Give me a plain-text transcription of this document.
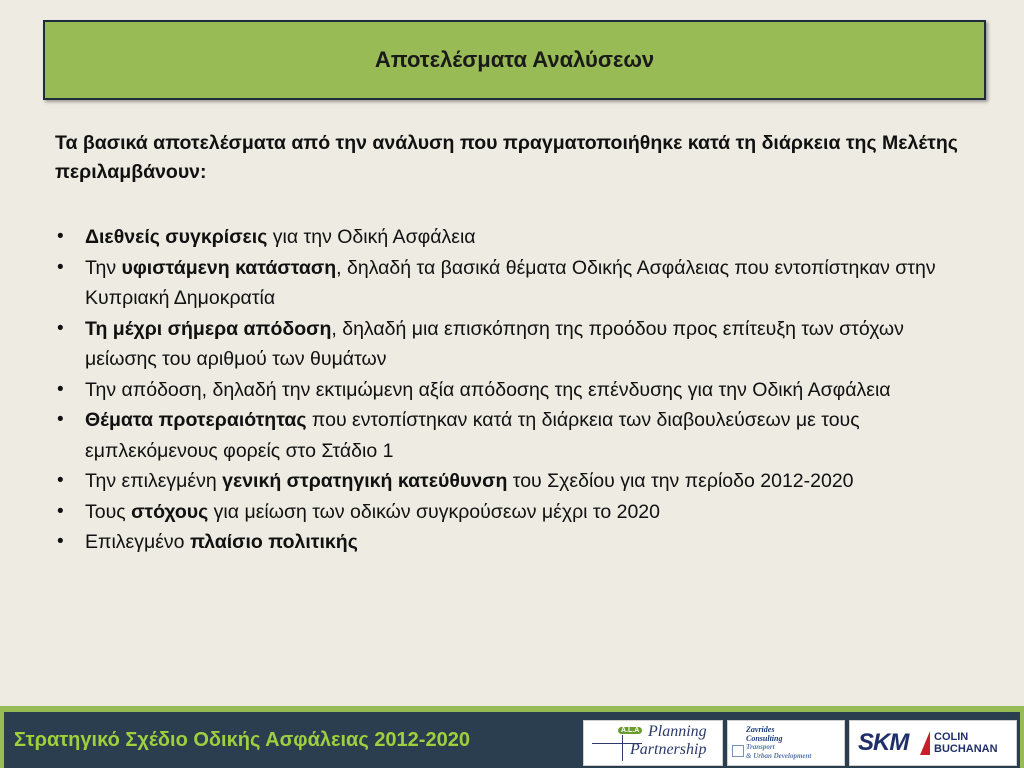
Αποτελέσματα Αναλύσεων
Τα βασικά αποτελέσματα από την ανάλυση που πραγματοποιήθηκε κατά τη διάρκεια της Μελέτης περιλαμβάνουν:
• Διεθνείς συγκρίσεις για την Οδική Ασφάλεια
• Την υφιστάμενη κατάσταση, δηλαδή τα βασικά θέματα Οδικής Ασφάλειας που εντοπίστηκαν στην Κυπριακή Δημοκρατία
• Τη μέχρι σήμερα απόδοση, δηλαδή μια επισκόπηση της προόδου προς επίτευξη των στόχων μείωσης του αριθμού των θυμάτων
• Την απόδοση, δηλαδή την εκτιμώμενη αξία απόδοσης της επένδυσης για την Οδική Ασφάλεια
• Θέματα προτεραιότητας που εντοπίστηκαν κατά τη διάρκεια των διαβουλεύσεων με τους εμπλεκόμενους φορείς στο Στάδιο 1
• Την επιλεγμένη γενική στρατηγική κατεύθυνση του Σχεδίου για την περίοδο 2012-2020
• Τους στόχους για μείωση των οδικών συγκρούσεων μέχρι το 2020
• Επιλεγμένο πλαίσιο πολιτικής
Στρατηγικό Σχέδιο Οδικής Ασφάλειας 2012-2020	A.L.A Planning
Partnership
Zavrides
Consulting
Transport
& Urban Development SKM COLIN
BUCHANAN
